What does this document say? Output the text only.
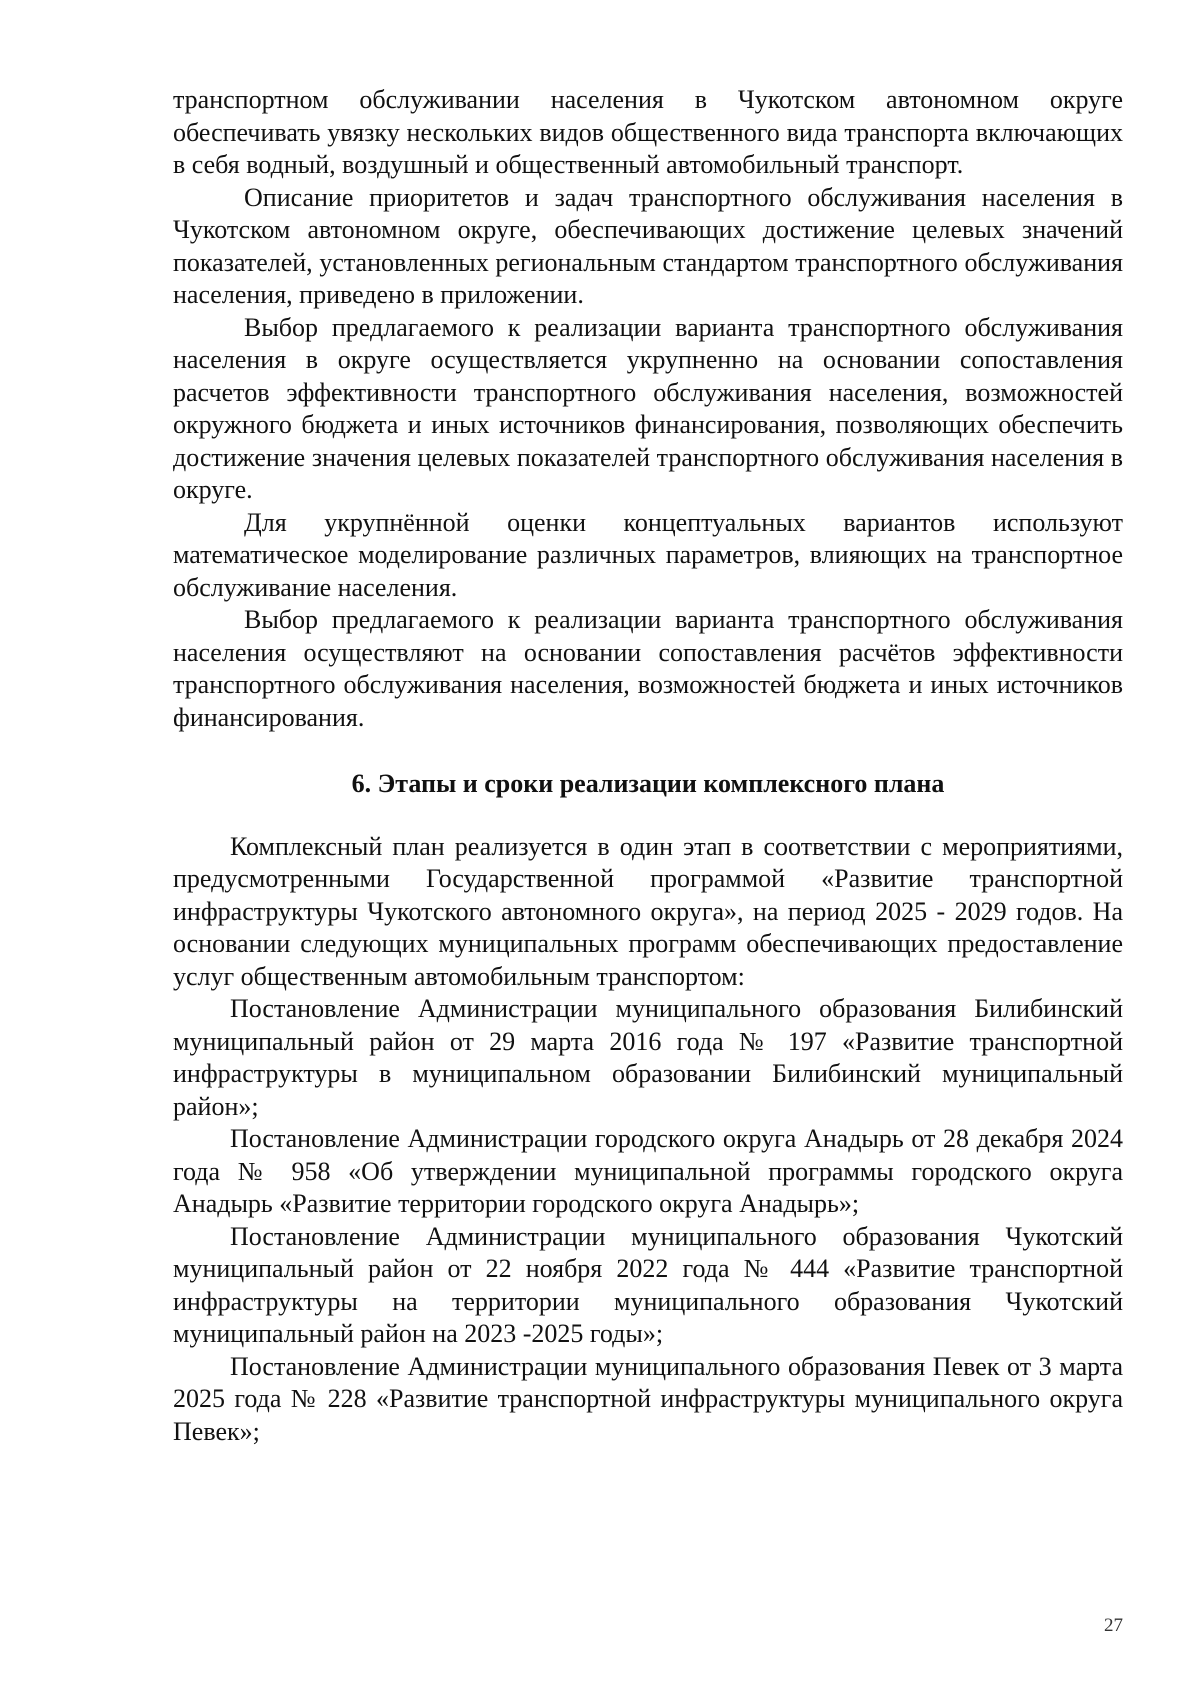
транспортном обслуживании населения в Чукотском автономном округе обеспечивать увязку нескольких видов общественного вида транспорта включающих в себя водный, воздушный и общественный автомобильный транспорт.

Описание приоритетов и задач транспортного обслуживания населения в Чукотском автономном округе, обеспечивающих достижение целевых значений показателей, установленных региональным стандартом транспортного обслуживания населения, приведено в приложении.

Выбор предлагаемого к реализации варианта транспортного обслуживания населения в округе осуществляется укрупненно на основании сопоставления расчетов эффективности транспортного обслуживания населения, возможностей окружного бюджета и иных источников финансирования, позволяющих обеспечить достижение значения целевых показателей транспортного обслуживания населения в округе.

Для укрупнённой оценки концептуальных вариантов используют математическое моделирование различных параметров, влияющих на транспортное обслуживание населения.

Выбор предлагаемого к реализации варианта транспортного обслуживания населения осуществляют на основании сопоставления расчётов эффективности транспортного обслуживания населения, возможностей бюджета и иных источников финансирования.

6. Этапы и сроки реализации комплексного плана

Комплексный план реализуется в один этап в соответствии с мероприятиями, предусмотренными Государственной программой «Развитие транспортной инфраструктуры Чукотского автономного округа», на период 2025 - 2029 годов. На основании следующих муниципальных программ обеспечивающих предоставление услуг общественным автомобильным транспортом:

Постановление Администрации муниципального образования Билибинский муниципальный район от 29 марта 2016 года № 197 «Развитие транспортной инфраструктуры в муниципальном образовании Билибинский муниципальный район»;

Постановление Администрации городского округа Анадырь от 28 декабря 2024 года № 958 «Об утверждении муниципальной программы городского округа Анадырь «Развитие территории городского округа Анадырь»;

Постановление Администрации муниципального образования Чукотский муниципальный район от 22 ноября 2022 года № 444 «Развитие транспортной инфраструктуры на территории муниципального образования Чукотский муниципальный район на 2023 -2025 годы»;

Постановление Администрации муниципального образования Певек от 3 марта 2025 года № 228 «Развитие транспортной инфраструктуры муниципального округа Певек»;

27
